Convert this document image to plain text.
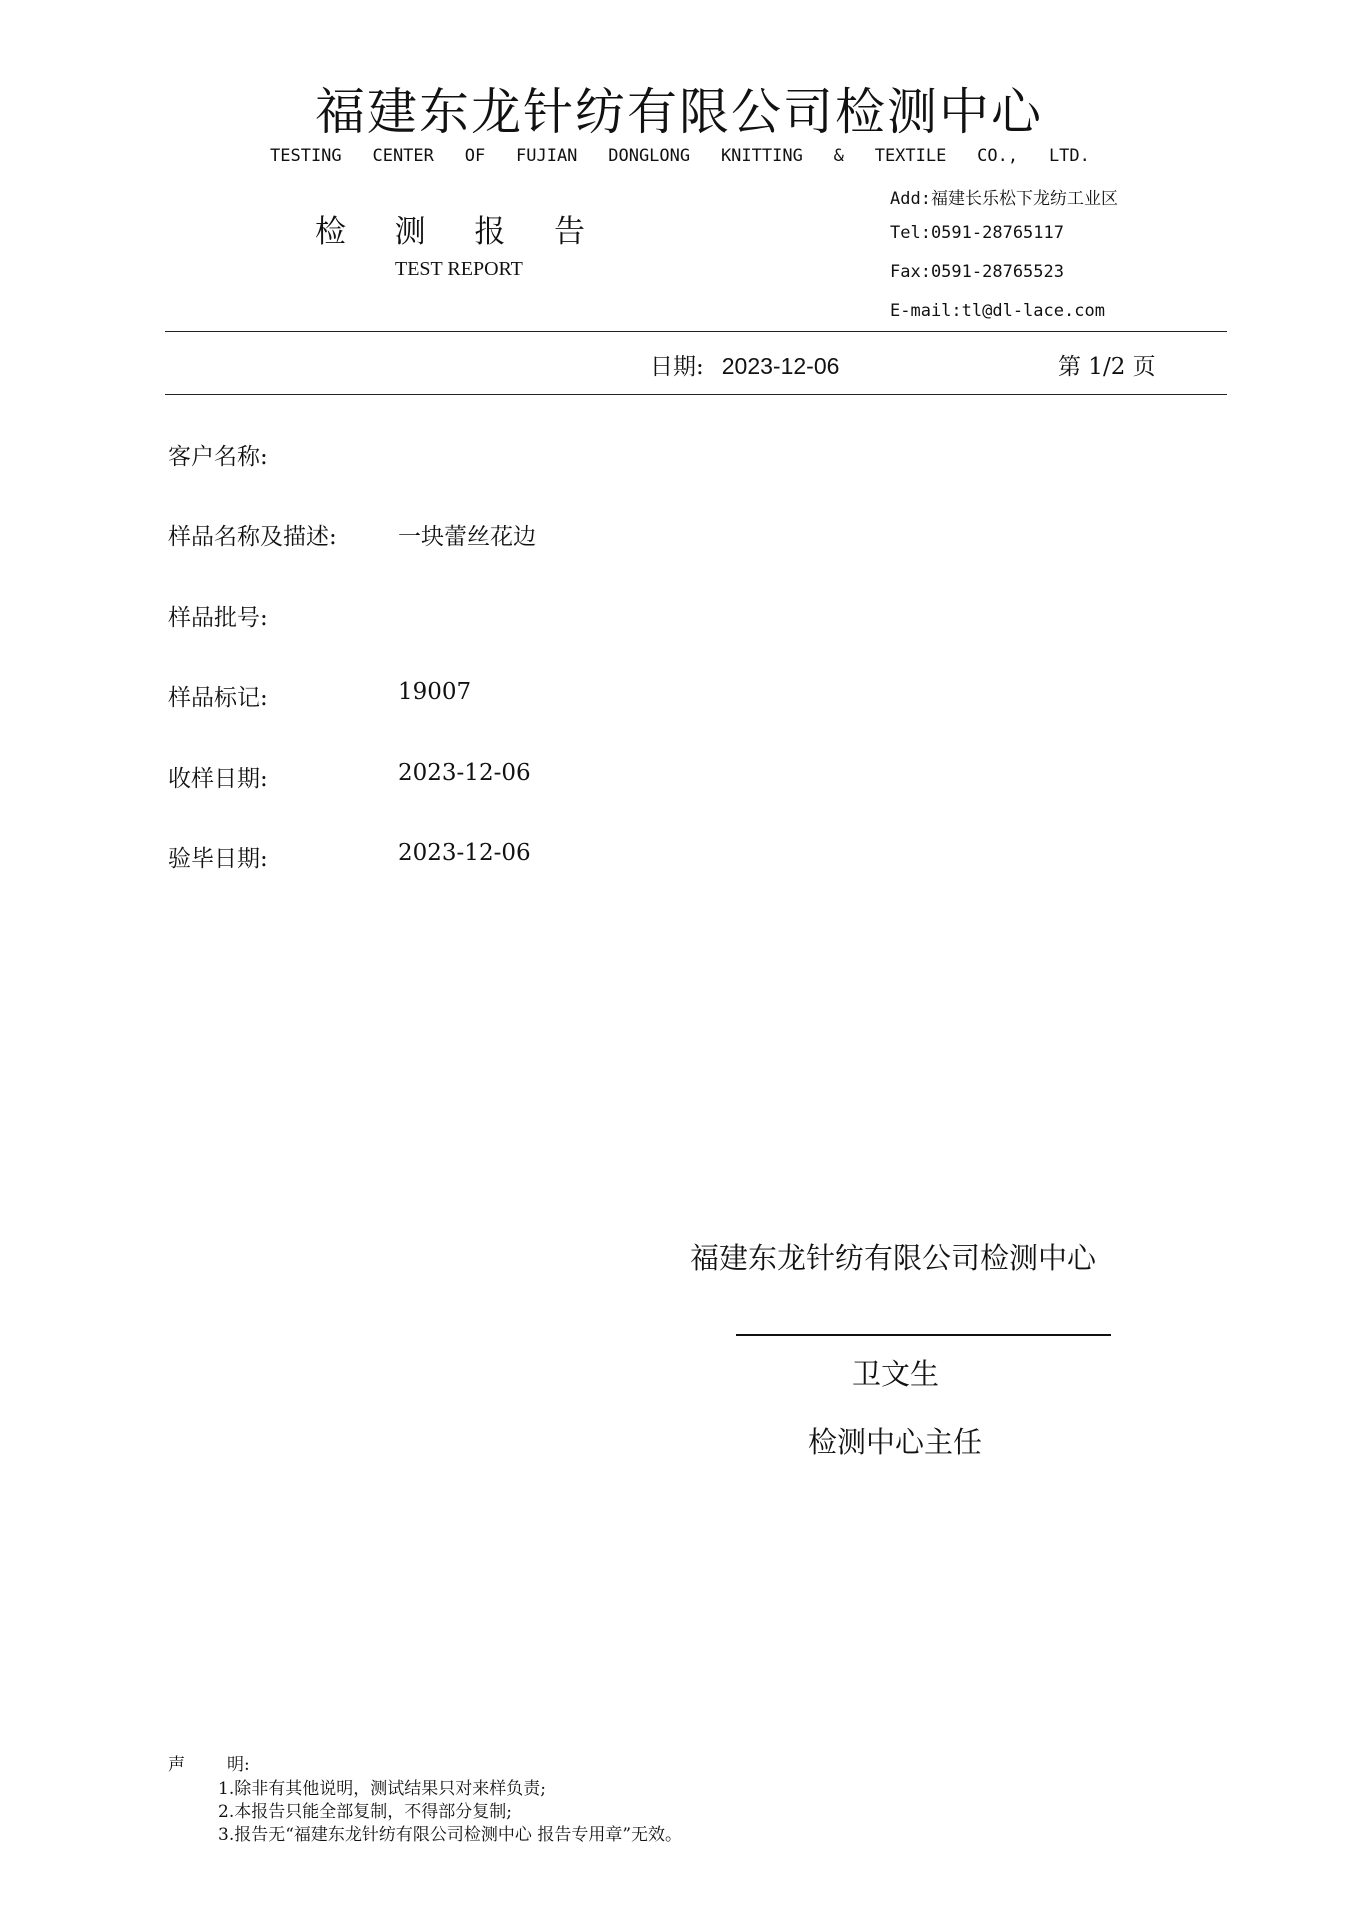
福建东龙针纺有限公司检测中心
TESTING CENTER OF FUJIAN DONGLONG KNITTING & TEXTILE CO., LTD.
检 测 报 告
TEST REPORT
Add:福建长乐松下龙纺工业区
Tel:0591-28765117
Fax:0591-28765523
E-mail:tl@dl-lace.com
日期: 2023-12-06	第 1/2 页
客户名称:
样品名称及描述:	一块蕾丝花边
样品批号:
样品标记:	19007
收样日期:	2023-12-06
验毕日期:	2023-12-06
福建东龙针纺有限公司检测中心
卫文生
检测中心主任
声 明:
1.除非有其他说明，测试结果只对来样负责;
2.本报告只能全部复制，不得部分复制;
3.报告无“福建东龙针纺有限公司检测中心 报告专用章”无效。
